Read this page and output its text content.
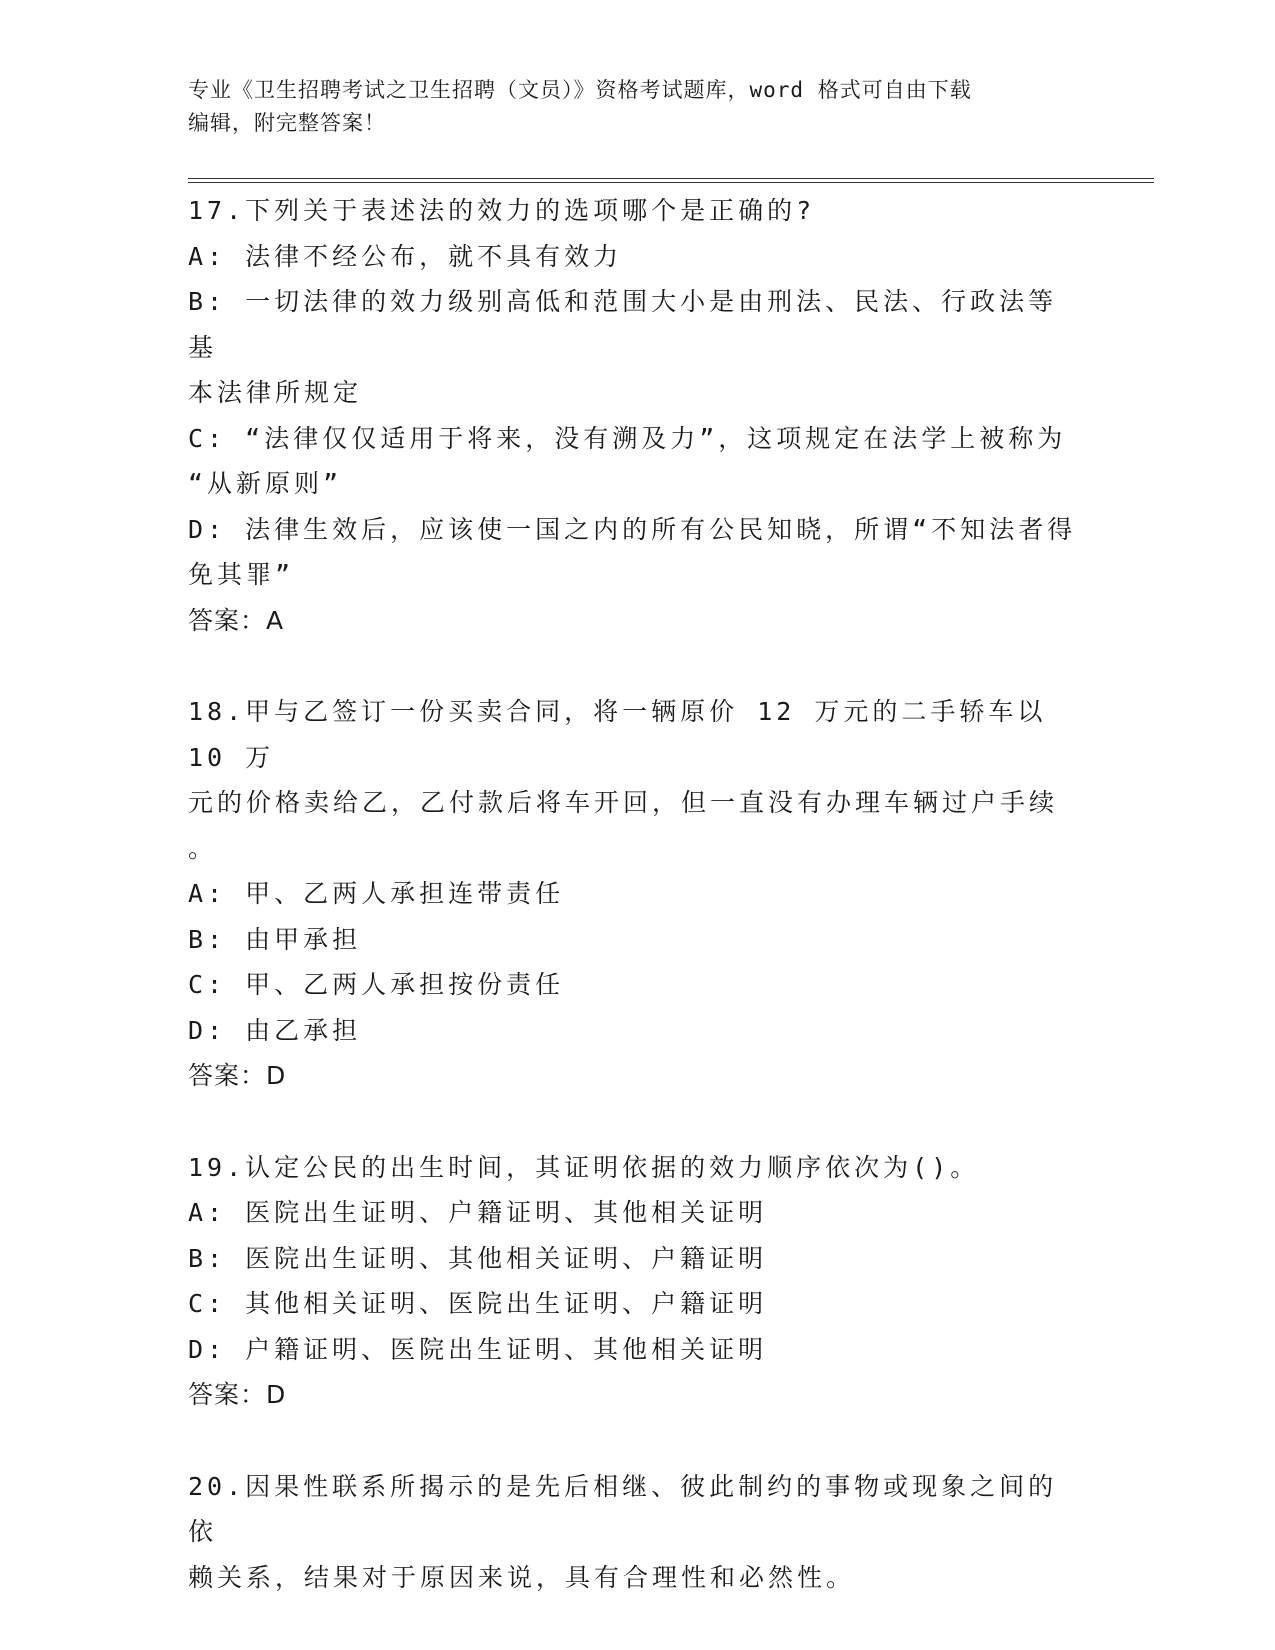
专业《卫生招聘考试之卫生招聘（文员）》资格考试题库，word 格式可自由下载
编辑，附完整答案！
17.下列关于表述法的效力的选项哪个是正确的?
A: 法律不经公布，就不具有效力
B: 一切法律的效力级别高低和范围大小是由刑法、民法、行政法等基
本法律所规定
C: “法律仅仅适用于将来，没有溯及力”，这项规定在法学上被称为
“从新原则”
D: 法律生效后，应该使一国之内的所有公民知晓，所谓“不知法者得
免其罪”
答案：A
18.甲与乙签订一份买卖合同，将一辆原价 12 万元的二手轿车以 10 万
元的价格卖给乙，乙付款后将车开回，但一直没有办理车辆过户手续
。
A: 甲、乙两人承担连带责任
B: 由甲承担
C: 甲、乙两人承担按份责任
D: 由乙承担
答案：D
19.认定公民的出生时间，其证明依据的效力顺序依次为()。
A: 医院出生证明、户籍证明、其他相关证明
B: 医院出生证明、其他相关证明、户籍证明
C: 其他相关证明、医院出生证明、户籍证明
D: 户籍证明、医院出生证明、其他相关证明
答案：D
20.因果性联系所揭示的是先后相继、彼此制约的事物或现象之间的依
赖关系，结果对于原因来说，具有合理性和必然性。
